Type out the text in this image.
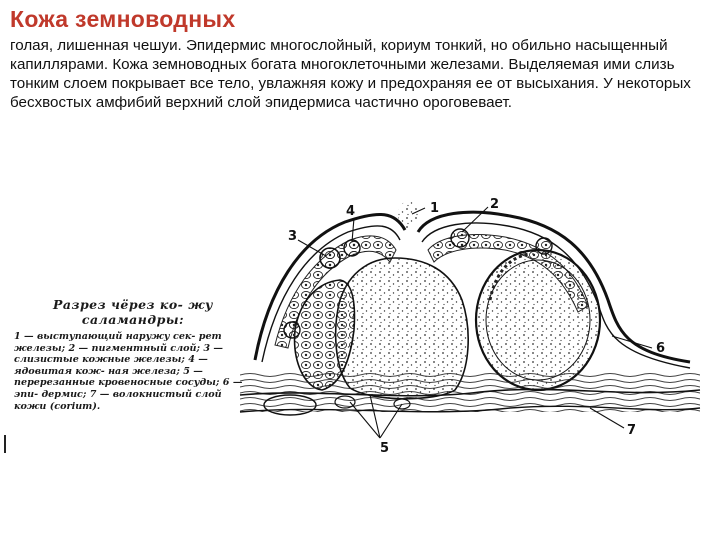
Кожа земноводных

голая, лишенная чешуи. Эпидермис многослойный, кориум тонкий, но обильно насыщенный капиллярами. Кожа земноводных богата многоклеточными железами. Выделяемая ими слизь тонким слоем покрывает все тело, увлажняя кожу и предохраняя ее от высыхания. У некоторых бесхвостых амфибий верхний слой эпидермиса частично ороговевает.

1	2
3
4
5
6
7
Разрез чёрез ко- жу саламандры:
1 — выступающий наружу сек- рет железы; 2 — пигментный слой; 3 — слизистые кожные железы; 4 — ядовитая кож- ная железа; 5 — перерезанные кровеносные сосуды; 6 — эпи- дермис; 7 — волокнистый слой кожи (corium).
